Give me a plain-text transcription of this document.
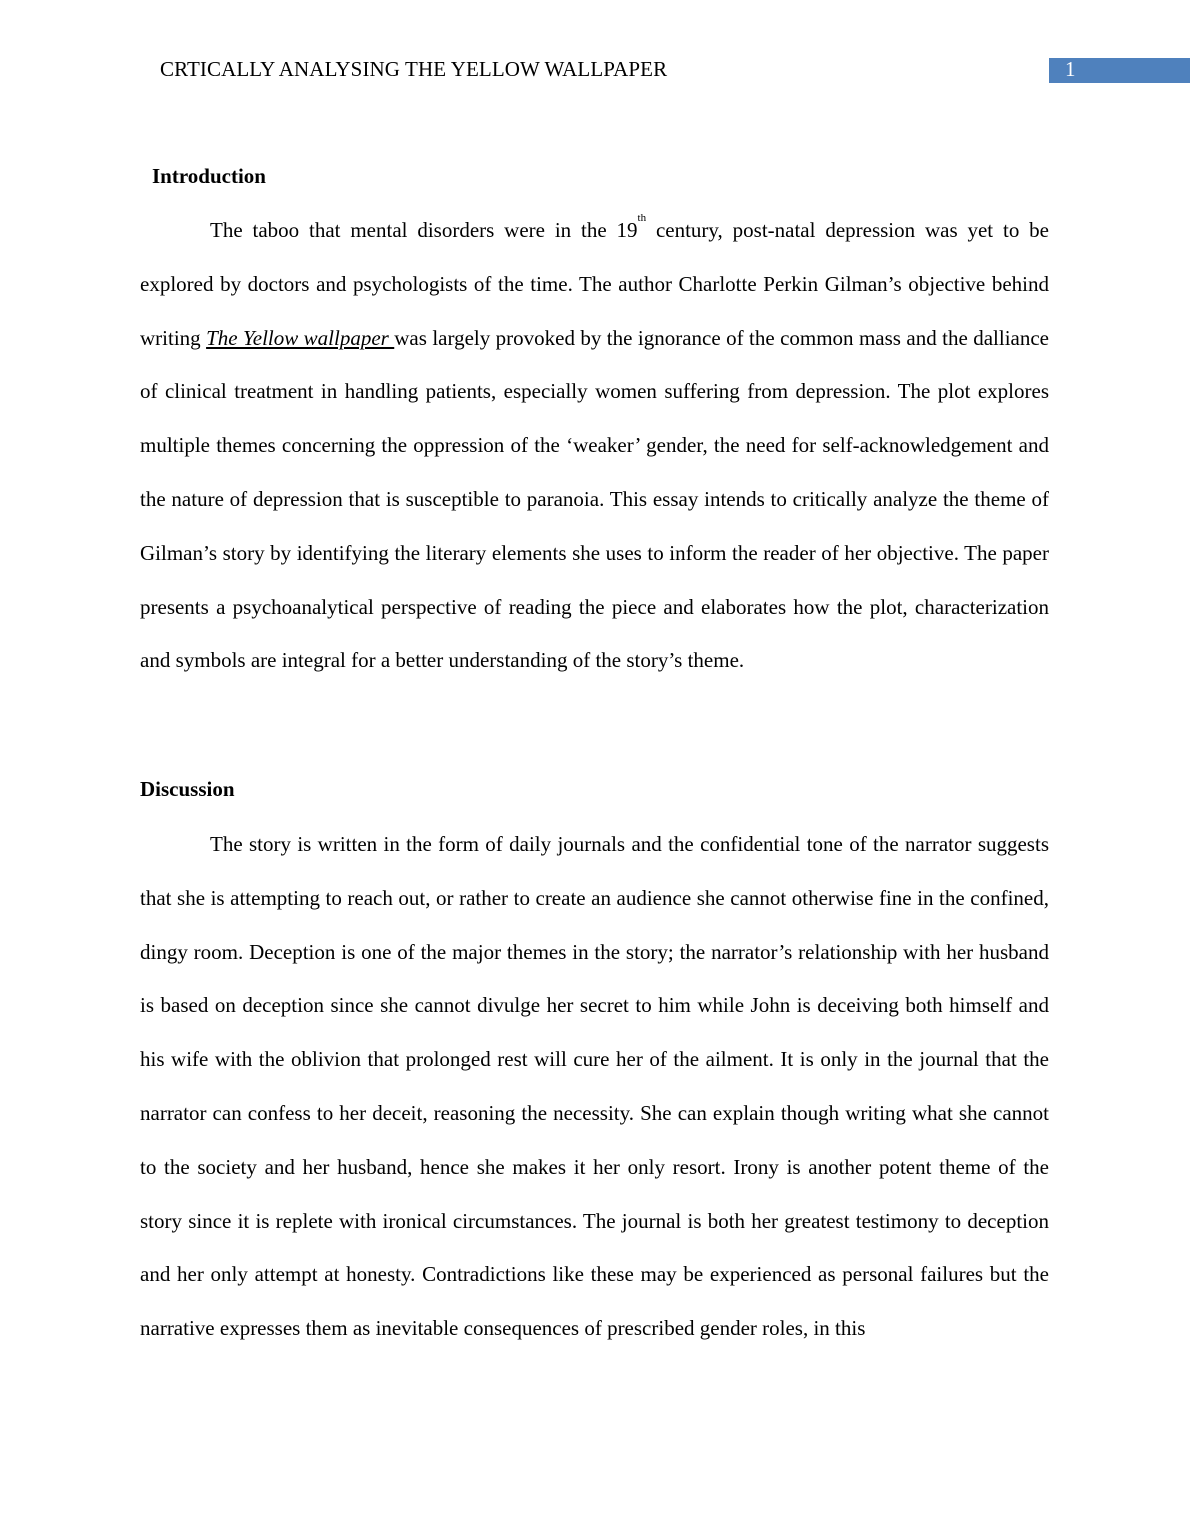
CRTICALLY ANALYSING THE YELLOW WALLPAPER	1
Introduction

The taboo that mental disorders were in the 19th century, post-natal depression was yet to be explored by doctors and psychologists of the time. The author Charlotte Perkin Gilman’s objective behind writing The Yellow wallpaper was largely provoked by the ignorance of the common mass and the dalliance of clinical treatment in handling patients, especially women suffering from depression. The plot explores multiple themes concerning the oppression of the ‘weaker’ gender, the need for self-acknowledgement and the nature of depression that is susceptible to paranoia. This essay intends to critically analyze the theme of Gilman’s story by identifying the literary elements she uses to inform the reader of her objective. The paper presents a psychoanalytical perspective of reading the piece and elaborates how the plot, characterization and symbols are integral for a better understanding of the story’s theme.

Discussion

The story is written in the form of daily journals and the confidential tone of the narrator suggests that she is attempting to reach out, or rather to create an audience she cannot otherwise fine in the confined, dingy room. Deception is one of the major themes in the story; the narrator’s relationship with her husband is based on deception since she cannot divulge her secret to him while John is deceiving both himself and his wife with the oblivion that prolonged rest will cure her of the ailment. It is only in the journal that the narrator can confess to her deceit, reasoning the necessity. She can explain though writing what she cannot to the society and her husband, hence she makes it her only resort. Irony is another potent theme of the story since it is replete with ironical circumstances. The journal is both her greatest testimony to deception and her only attempt at honesty. Contradictions like these may be experienced as personal failures but the narrative expresses them as inevitable consequences of prescribed gender roles, in this
